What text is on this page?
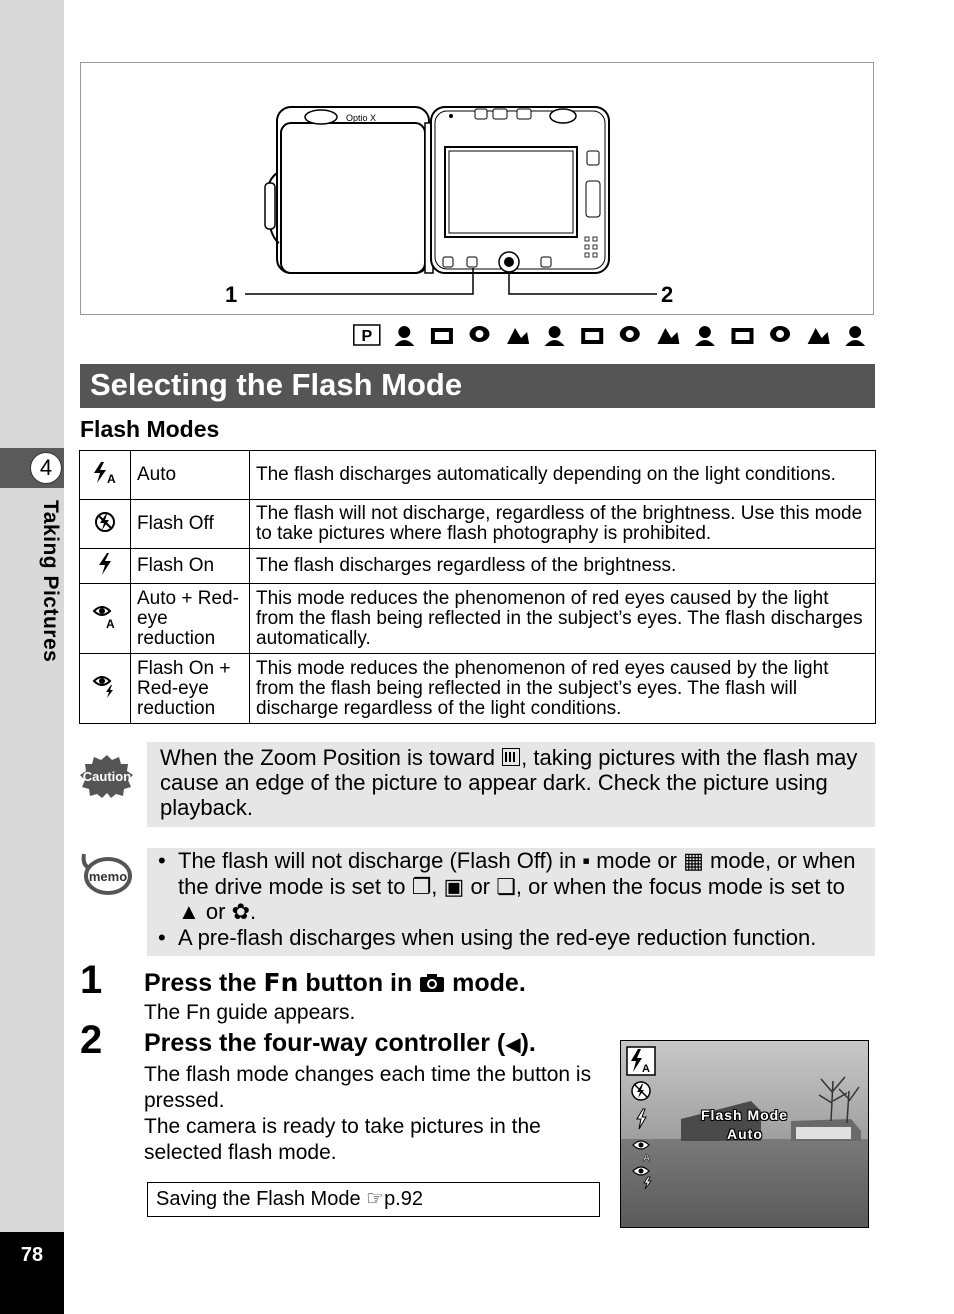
4
Taking Pictures
78
Optio X
1	2
P
Selecting the Flash Mode
Flash Modes
A	Auto	The flash discharges automatically depending on the light conditions.
	Flash Off	The flash will not discharge, regardless of the brightness. Use this mode to take pictures where flash photography is prohibited.
	Flash On	The flash discharges regardless of the brightness.

A	Auto + Red-eye reduction	This mode reduces the phenomenon of red eyes caused by the light from the flash being reflected in the subject’s eyes. The flash discharges automatically.
	Flash On + Red-eye reduction	This mode reduces the phenomenon of red eyes caused by the light from the flash being reflected in the subject’s eyes. The flash will discharge regardless of the light conditions.
Caution
When the Zoom Position is toward
, taking pictures with the flash may cause an edge of the picture to appear dark. Check the picture using playback.
memo
• The flash will not discharge (Flash Off) in ▪ mode or ▦ mode, or when the drive mode is set to ❐, ▣ or ❏, or when the focus mode is set to ▲ or ✿.
• A pre-flash discharges when using the red-eye reduction function.
1 Press the Fn button in  mode.
The Fn guide appears.
2 Press the four-way controller (◀).
The flash mode changes each time the button is pressed.
The camera is ready to take pictures in the selected flash mode.
Saving the Flash Mode ☞p.92
A
A
Flash Mode
Auto
